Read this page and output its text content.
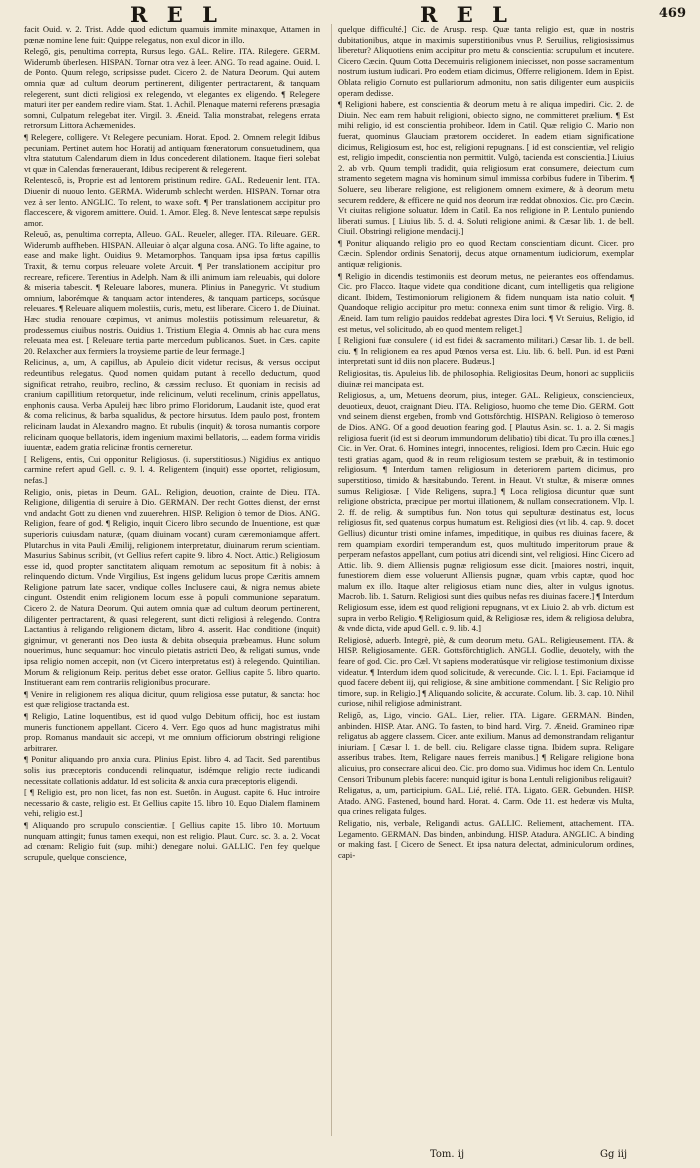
R E L	R E L	469

facit Ouid. v. 2. Trist. Adde quod edictum quamuis immite minaxque, Attamen in pœnæ nomine lene fuit: Quippe relegatus, non exul dicor in illo.

Relegō, gis, penultima correpta, Rursus lego. GAL. Relire. ITA. Rilegere. GERM. Widerumb überlesen. HISPAN. Tornar otra vez à leer. ANG. To read againe. Ouid. l. de Ponto. Quum relego, scripsisse pudet. Cicero 2. de Natura Deorum. Qui autem omnia quæ ad cultum deorum pertinerent, diligenter pertractarent, & tanquam relegerent, sunt dicti religiosi ex relegendo, vt elegantes ex eligendo. ¶ Relegere maturi iter per eandem redire viam. Stat. 1. Achil. Plenaque materni referens præsagia somni, Culpatum relegebat iter. Virgil. 3. Æneid. Talia monstrabat, relegens errata retrorsum Littora Achæmenides.

¶ Relegere, colligere. Vt Relegere pecuniam. Horat. Epod. 2. Omnem relegit Idibus pecuniam. Pertinet autem hoc Horatij ad antiquam fœneratorum consuetudinem, qua vltra statutum Calendarum diem in Idus concederent dilationem. Itaque fieri solebat vt quæ in Calendas fœnerauerant, Idibus reciperent & relegerent.

Relentescō, is, Proprie est ad lentorem pristinum redire. GAL. Redeuenir lent. ITA. Diuenir di nuouo lento. GERMA. Widerumb schlecht werden. HISPAN. Tornar otra vez à ser lento. ANGLIC. To relent, to waxe soft. ¶ Per translationem accipitur pro flaccescere, & vigorem amittere. Ouid. 1. Amor. Eleg. 8. Neve lentescat sæpe repulsis amor.

Releuō, as, penultima correpta, Alleuo. GAL. Reueler, alleger. ITA. Rileuare. GER. Widerumb auffheben. HISPAN. Alleuiar ò alçar alguna cosa. ANG. To lifte againe, to ease and make light. Ouidius 9. Metamorphos. Tanquam ipsa ipsa fœtus capillis Traxit, & ternu corpus releuare volete Arcuit. ¶ Per translationem accipitur pro recreare, reficere. Terentius in Adelph. Nam & illi animum iam releuabis, qui dolore & miseria tabescit. ¶ Releuare labores, munera. Plinius in Panegyric. Vt studium omnium, laborémque & tanquam actor intenderes, & tanquam particeps, socúsque releuares. ¶ Releuare aliquem molestiis, curis, metu, est liberare. Cicero 1. de Diuinat. Hæc studia renouare cœpimus, vt animus molestiis potissimum releuaretur, & prodessemus ciuibus nostris. Ouidius 1. Tristium Elegia 4. Omnis ab hac cura mens releuata mea est. [ Releuare tertia parte mercedum publicanos. Suet. in Cæs. capite 20. Relaxcher aux fermiers la troysieme partie de leur fermage.]

Relicinus, a, um, A capillus, ab Apuleio dicit videtur recisus, & versus occiput redeuntibus relegatus. Quod nomen quidam putant à recello deductum, quod significat retraho, reuibro, reclino, & cæssim recluso. Et quoniam in recisis ad cranium capillitium retorquetur, inde relicinum, veluti recelinum, crinis appellatus, enphonis causa. Verba Apuleij hæc libro primo Floridorum, Laudanit iste, quod erat & coma relicinus, & barba squalidus, & pectore hirsutus. Idem paulo post, frontem relicinam laudat in Alexandro magno. Et rubulis (inquit) & torosa numantis corpore relicinam quoque bellatoris, idem ingenium maximi bellatoris, ... eadem forma viridis iuuentæ, eadem gratia relicinæ frontis cerneretur.

[ Religens, entis, Cui opponitur Religiosus. (i. superstitiosus.) Nigidius ex antiquo carmine refert apud Gell. c. 9. l. 4. Religentem (inquit) esse oportet, religiosum, nefas.]

Religio, onis, pietas in Deum. GAL. Religion, deuotion, crainte de Dieu. ITA. Religione, diligentia di seruire à Dio. GERMAN. Der recht Gottes dienst, der ernst vnd andacht Gott zu dienen vnd zuuerehren. HISP. Religion ò temor de Dios. ANG. Religion, feare of god. ¶ Religio, inquit Cicero libro secundo de Inuentione, est quæ superioris cuiusdam naturæ, (quam diuinam vocant) curam cæremoniamque affert. Plutarchus in vita Pauli Æmilij, religionem interpretatur, diuinarum rerum scientiam. Masurius Sabinus scribit, (vt Gellius refert capite 9. libro 4. Noct. Attic.) Religiosum esse id, quod propter sanctitatem aliquam remotum ac sepositum fit à nobis: à relinquendo dictum. Vnde Virgilius, Est ingens gelidum lucus prope Cæritis amnem Religione patrum late sacer, vndique colles Inclusere caui, & nigra nemus abiete cingunt. Ostendit enim religionem locum esse à populi communione separatum. Cicero 2. de Natura Deorum. Qui autem omnia quæ ad cultum deorum pertinerent, diligenter pertractarent, & quasi relegerent, sunt dicti religiosi à relegendo. Contra Lactantius à religando religionem dictam, libro 4. asserit. Hac conditione (inquit) gignimur, vt generanti nos Deo iusta & debita obsequia præbeamus. Hunc solum nouerimus, hunc sequamur: hoc vinculo pietatis astricti Deo, & religati sumus, vnde ipsa religio nomen accepit, non (vt Cicero interpretatus est) à relegendo. Quintilian. Morum & religionum Reip. peritus debet esse orator. Gellius capite 5. libro quarto. Instituerant eam rem contrariis religionibus procurare.

¶ Venire in religionem res aliqua dicitur, quum religiosa esse putatur, & sancta: hoc est quæ religiose tractanda est.

¶ Religio, Latine loquentibus, est id quod vulgo Debitum officij, hoc est iustam muneris functionem appellant. Cicero 4. Verr. Ego quos ad hunc magistratus mihi prop. Romanus mandauit sic accepi, vt me omnium officiorum obstringi religione arbitrarer.

¶ Ponitur aliquando pro anxia cura. Plinius Epist. libro 4. ad Tacit. Sed parentibus solis ius præceptoris conducendi relinquatur, isdémque religio recte iudicandi necessitate collationis addatur. Id est solicita & anxia cura præceptoris eligendi.

[ ¶ Religio est, pro non licet, fas non est. Suetôn. in August. capite 6. Huc introire necessario & caste, religio est. Et Gellius capite 15. libro 10. Equo Dialem flaminem vehi, religio est.]

¶ Aliquando pro scrupulo conscientiæ. [ Gellius capite 15. libro 10. Mortuum nunquam attingit; funus tamen exequi, non est religio. Plaut. Curc. sc. 3. a. 2. Vocat ad cœnam: Religio fuit (sup. mihi:) denegare nolui. GALLIC. I'en fey quelque scrupule, quelque conscience,

quelque difficulté.] Cic. de Arusp. resp. Quæ tanta religio est, quæ in nostris dubitationibus, atque in maximis superstitionibus vnus P. Seruilius, religiosissimus liberetur? Aliquotiens enim accipitur pro metu & conscientia: scrupulum et incutere. Cicero Cæcin. Quum Cotta Decemuiris religionem iniecisset, non posse sacramentum nostrum iustum iudicari. Pro eodem etiam dicimus, Offerre religionem. Idem in Epist. Oblata religio Cornuto est pullariorum admonitu, non satis diligenter eum auspiciis operam dedisse.

¶ Religioni habere, est conscientia & deorum metu à re aliqua impediri. Cic. 2. de Diuin. Nec eam rem habuit religioni, obiecto signo, ne committeret prælium. ¶ Est mihi religio, id est conscientia prohibeor. Idem in Catil. Quæ religio C. Mario non fuerat, quominus Glauciam prætorem occideret. In eadem etiam significatione dicimus, Religiosum est, hoc est, religioni repugnans. [ id est conscientiæ, vel religio est, religio impedit, conscientia non permittit. Vulgò, tacienda est conscientia.] Liuius 2. ab vrb. Quum templi tradidit, quia religiosum erat consumere, deiectum cum stramento segetem magna vis hominum simul immissa corbibus fudere in Tiberim. ¶ Soluere, seu liberare religione, est religionem omnem eximere, & à deorum metu securem reddere, & efficere ne quid nos deorum iræ reddat obnoxios. Cic. pro Cæcin. Vt ciuitas religione soluatur. Idem in Catil. Ea nos religione in P. Lentulo puniendo liberati sumus. [ Liuius lib. 5. d. 4. Soluti religione animi. & Cæsar lib. 1. de bell. Ciuil. Obstringi religione mendacij.]

¶ Ponitur aliquando religio pro eo quod Rectam conscientiam dicunt. Cicer. pro Cæcin. Splendor ordinis Senatorij, decus atque ornamentum iudiciorum, exemplar antiquæ religionis.

¶ Religio in dicendis testimoniis est deorum metus, ne peierantes eos offendamus. Cic. pro Flacco. Itaque videte qua conditione dicant, cum intelligetis qua religione dicant. Ibidem, Testimoniorum religionem & fidem nunquam ista natio coluit. ¶ Quandoque religio accipitur pro metu: connexa enim sunt timor & religio. Virg. 8. Æneid. Iam tum religio pauidos reddebat agrestes Dira loci. ¶ Vt Seruius, Religio, id est metus, vel solicitudo, ab eo quod mentem religet.]

[ Religioni fuæ consulere ( id est fidei & sacramento militari.) Cæsar lib. 1. de bell. ciu. ¶ In religionem ea res apud Pœnos versa est. Liu. lib. 6. bell. Pun. id est Pœni interpretati sunt id diis non placere. Budæus.]

Religiositas, tis. Apuleius lib. de philosophia. Religiositas Deum, honori ac suppliciis diuinæ rei mancipata est.

Religiosus, a, um, Metuens deorum, pius, integer. GAL. Religieux, consciencieux, deuotieux, deuot, craignant Dieu. ITA. Religioso, huomo che teme Dio. GERM. Gott vnd seinem dienst ergeben, fromb vnd Gottsförchtig. HISPAN. Religioso ò temeroso de Dios. ANG. Of a good deuotion fearing god. [ Plautus Asin. sc. 1. a. 2. Si magis religiosa fuerit (id est si deorum immundorum delibatio) tibi dicat. Tu pro illa cœnes.] Cic. in Ver. Orat. 6. Homines integri, innocentes, religiosi. Idem pro Cæcin. Huic ego testi gratias agam, quod & in reum religiosum testem se præbuit, & in testimonio religiosum. ¶ Interdum tamen religiosum in deteriorem partem dicimus, pro superstitioso, timido & hæsitabundo. Terent. in Heaut. Vt stultæ, & miseræ omnes sumus Religiosæ. [ Vide Religens, supra.] ¶ Loca religiosa dicuntur quæ sunt religione obstricta, præcipue per mortui illationem, & nullam consecrationem. Vlp. l. 2. ff. de relig. & sumptibus fun. Non totus qui sepulturæ destinatus est, locus religiosus fit, sed quatenus corpus humatum est. Religiosi dies (vt lib. 4. cap. 9. docet Gellius) dicuntur tristi omine infames, impeditique, in quibus res diuinas facere, & rem quampiam exordiri temperandum est, quos multitudo imperitorum praue & perperam nefastos appellant, cum potius atri dicendi sint, vel religiosi. Hinc Cicero ad Attic. lib. 9. diem Alliensis pugnæ religiosum esse dicit. [maiores nostri, inquit, funestiorem diem esse voluerunt Alliensis pugnæ, quam vrbis captæ, quod hoc malum ex illo. Itaque alter religiosus etiam nunc dies, alter in vulgus ignotus. Macrob. lib. 1. Saturn. Religiosi sunt dies quibus nefas res diuinas facere.] ¶ Interdum Religiosum esse, idem est quod religioni repugnans, vt ex Liuio 2. ab vrb. dictum est supra in verbo Religio. ¶ Religiosum quid, & Religiosæ res, idem & religiosa delubra, & vnde dicta, vide apud Gell. c. 9. lib. 4.]

Religiosè, aduerb. Integrè, piè, & cum deorum metu. GAL. Religieusement. ITA. & HISP. Religiosamente. GER. Gottsförchtiglich. ANGLI. Godlie, deuotely, with the feare of god. Cic. pro Cæl. Vt sapiens moderatúsque vir religiose testimonium dixisse videatur. ¶ Interdum idem quod solicitude, & verecunde. Cic. l. 1. Epi. Faciamque id quod facere debent iij, qui religiose, & sine ambitione commendant. [ Sic Religio pro timore, sup. in Religio.] ¶ Aliquando solicite, & accurate. Colum. lib. 3. cap. 10. Nihil curiose, nihil religiose administrant.

Religō, as, Ligo, vincio. GAL. Lier, relier. ITA. Ligare. GERMAN. Binden, anbinden. HISP. Atar. ANG. To fasten, to bind hard. Virg. 7. Æneid. Gramineo ripæ religatus ab aggere classem. Cicer. ante exilium. Manus ad demonstrandam religantur iniuriam. [ Cæsar l. 1. de bell. ciu. Religare classe tigna. Ibidem supra. Religare asseribus trabes. Item, Religare naues ferreis manibus.] ¶ Religare religione bona alicuius, pro consecrare alicui deo. Cic. pro domo sua. Vidimus hoc idem Cn. Lentulo Censori Tribunum plebis facere: nunquid igitur is bona Lentuli religionibus religauit?

Religatus, a, um, participium. GAL. Lié, relié. ITA. Ligato. GER. Gebunden. HISP. Atado. ANG. Fastened, bound hard. Horat. 4. Carm. Ode 11. est hederæ vis Multa, qua crines religata fulges.

Religatio, nis, verbale, Religandi actus. GALLIC. Reliement, attachement. ITA. Legamento. GERMAN. Das binden, anbindung. HISP. Atadura. ANGLIC. A binding or making fast. [ Cicero de Senect. Et ipsa natura delectat, adminiculorum ordines, capi-

Tom. ij	Gg iij
